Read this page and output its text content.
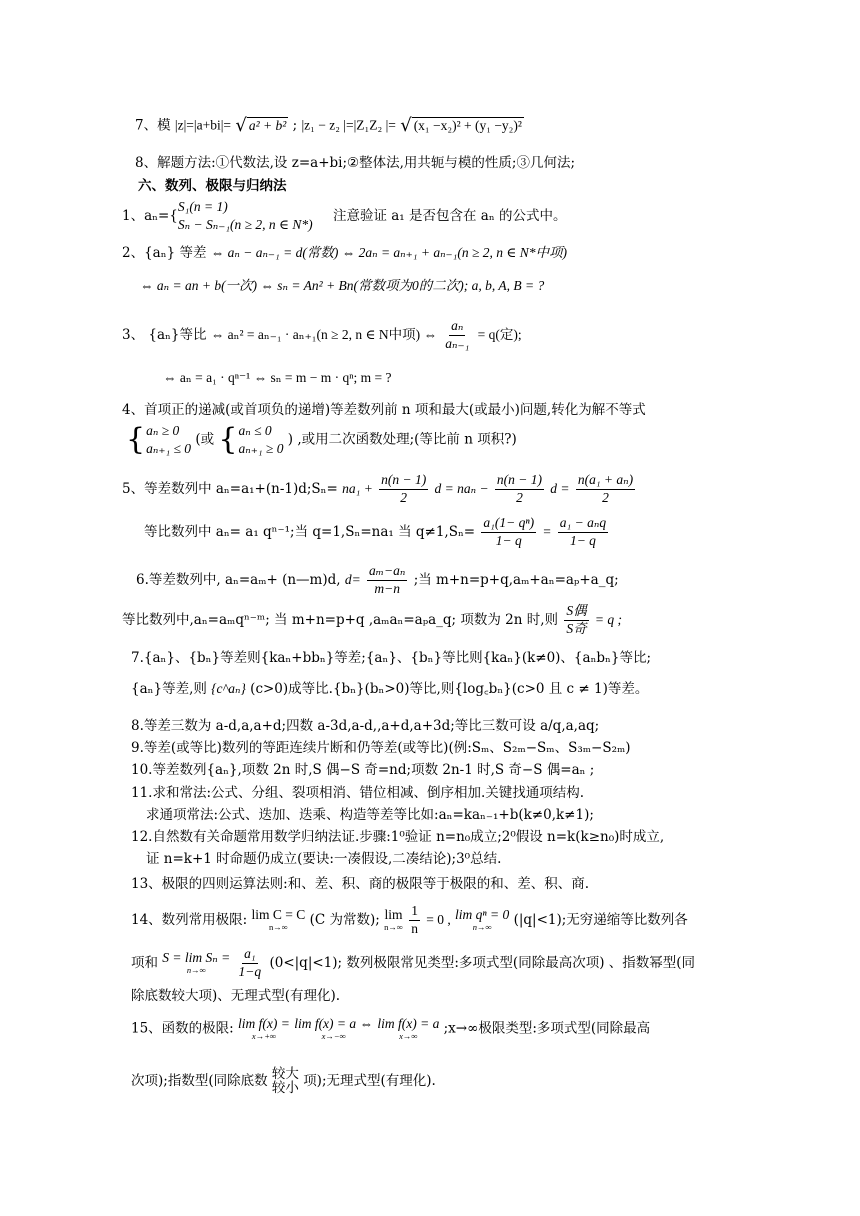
7、模 |z|=|a+bi|= √ a² + b² ; |z₁ − z₂ |=|Z₁Z₂ |= √ (x₁ −x₂)² + (y₁ −y₂)²
8、解题方法:①代数法,设 z=a+bi;②整体法,用共轭与模的性质;③几何法;
六、数列、极限与归纳法
1、aₙ={
S₁(n = 1)
Sₙ − Sₙ₋₁(n ≥ 2, n ∈ N*)
注意验证 a₁ 是否包含在 aₙ 的公式中。
2、{aₙ} 等差 ⇔ aₙ − aₙ₋₁ = d(常数) ⇔ 2aₙ = aₙ₊₁ + aₙ₋₁(n ≥ 2, n ∈ N*中项)
⇔ aₙ = an + b(一次) ⇔ sₙ = An² + Bn(常数项为0的二次); a, b, A, B = ?
3、 {aₙ}等比 ⇔ aₙ² = aₙ₋₁ · aₙ₊₁(n ≥ 2, n ∈ N中项) ⇔ $\frac{\text{aₙ}}{\text{aₙ₋₁}} = q$(定);
⇔ aₙ = a₁ · qⁿ⁻¹ ⇔ sₙ = m − m · qⁿ; m = ?
4、首项正的递减(或首项负的递增)等差数列前 n 项和最大(或最小)问题,转化为解不等式
{ aₙ ≥ 0
aₙ₊₁ ≤ 0
(或 { aₙ ≤ 0
aₙ₊₁ ≥ 0
) ,或用二次函数处理;(等比前 n 项积?)
5、等差数列中 aₙ=a₁+(n-1)d;Sₙ= $na_1 + \frac{n(n - 1)}{2}$ $d = na_n - \frac{n(n - 1)}{2}$ $d = \frac{\text{n(a₁ + aₙ)}}{2}$
等比数列中 aₙ= a₁ qⁿ⁻¹;当 q=1,Sₙ=na₁ 当 $q\ne 1,S_n= \frac{\text{a₁(1− qⁿ)}}{1- q} = \frac{\text{a₁ − aₙq}}{1- q}$
6.等差数列中, aₙ=aₘ+ (n—m)d, $d= \frac{\text{aₘ−aₙ}}{m-n}$ ;当 m+n=p+q,aₘ+aₙ=aₚ+a_q;
等比数列中,aₙ=aₘqⁿ⁻ᵐ; 当 m+n=p+q ,aₘaₙ=aₚa_q; 项数为 2n 时,则 $\frac{\text{S偶}}{\text{S奇}} = q$ ;
7.{aₙ}、{bₙ}等差则{kaₙ+bbₙ}等差;{aₙ}、{bₙ}等比则{kaₙ}(k≠0)、{aₙbₙ}等比;
{aₙ}等差,则 {c^aₙ} (c>0)成等比.{bₙ}(bₙ>0)等比,则{log꜀bₙ}(c>0 且 c ≠ 1)等差。
8.等差三数为 a-d,a,a+d;四数 a-3d,a-d,,a+d,a+3d;等比三数可设 a/q,a,aq;
9.等差(或等比)数列的等距连续片断和仍等差(或等比)(例:Sₘ、S₂ₘ−Sₘ、S₃ₘ−S₂ₘ)
10.等差数列{aₙ},项数 2n 时,S 偶−S 奇=nd;项数 2n-1 时,S 奇−S 偶=aₙ ;
11.求和常法:公式、分组、裂项相消、错位相减、倒序相加.关键找通项结构.
求通项常法:公式、迭加、迭乘、构造等差等比如:aₙ=kaₙ₋₁+b(k≠0,k≠1);
12.自然数有关命题常用数学归纳法证.步骤:1⁰验证 n=n₀成立;2⁰假设 n=k(k≥n₀)时成立,
证 n=k+1 时命题仍成立(要诀:一凑假设,二凑结论);3⁰总结.
13、极限的四则运算法则:和、差、积、商的极限等于极限的和、差、积、商.
14、数列常用极限: lim C = C
n→∞ (C 为常数); lim
n→∞
$\frac{1}{n} = 0$ , lim qⁿ = 0
n→∞ (|q|<1);无穷递缩等比数列各
项和 S = lim Sₙ =
n→∞
$\frac{\text{a₁}}{1-q} (0<|q|<1)$; 数列极限常见类型:多项式型(同除最高次项) 、指数幂型(同
除底数较大项)、无理式型(有理化).
15、函数的极限: lim f(x) =
x→+∞

lim f(x) = a ⇔
x→−∞

lim f(x) = a
x→∞ ;x→∞极限类型:多项式型(同除最高
次项);指数型(同除底数 较大
较小 项);无理式型(有理化).
